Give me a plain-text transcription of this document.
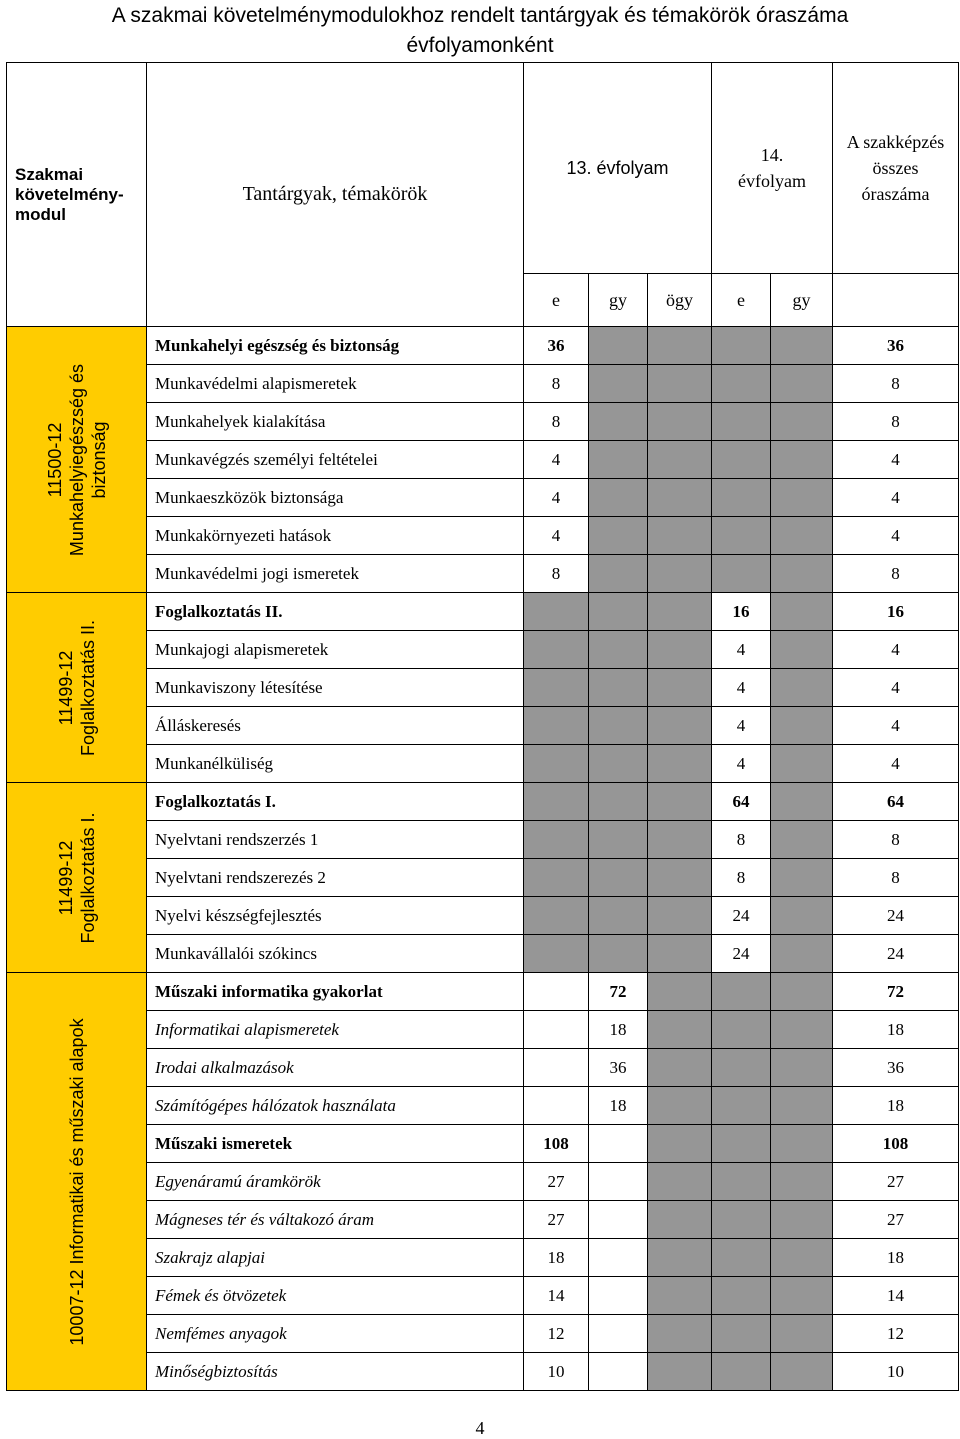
A szakmai követelménymodulokhoz rendelt tantárgyak és témakörök óraszáma
évfolyamonként
Szakmai követelmény-modul	Tantárgyak, témakörök	13. évfolyam			14. évfolyam		A szakképzés összes óraszáma

		e	gy	ögy	e	gy	

11500-12 Munkahelyiegészség és biztonság	Munkahelyi egészség és biztonság	36					36
	Munkavédelmi alapismeretek	8					8
	Munkahelyek kialakítása	8					8
	Munkavégzés személyi feltételei	4					4
	Munkaeszközök biztonsága	4					4
	Munkakörnyezeti hatások	4					4
	Munkavédelmi jogi ismeretek	8					8

11499-12 Foglalkoztatás II.	Foglalkoztatás II.				16		16
	Munkajogi alapismeretek				4		4
	Munkaviszony létesítése				4		4
	Álláskeresés				4		4
	Munkanélküliség				4		4

11499-12 Foglalkoztatás I.	Foglalkoztatás I.				64		64
	Nyelvtani rendszerzés 1				8		8
	Nyelvtani rendszerezés 2				8		8
	Nyelvi készségfejlesztés				24		24
	Munkavállalói szókincs				24		24

10007-12 Informatikai és műszaki alapok	Műszaki informatika gyakorlat		72				72
	Informatikai alapismeretek		18				18
	Irodai alkalmazások		36				36
	Számítógépes hálózatok használata		18				18
	Műszaki ismeretek	108					108
	Egyenáramú áramkörök	27					27
	Mágneses tér és váltakozó áram	27					27
	Szakrajz alapjai	18					18
	Fémek és ötvözetek	14					14
	Nemfémes anyagok	12					12
	Minőségbiztosítás	10					10
4
